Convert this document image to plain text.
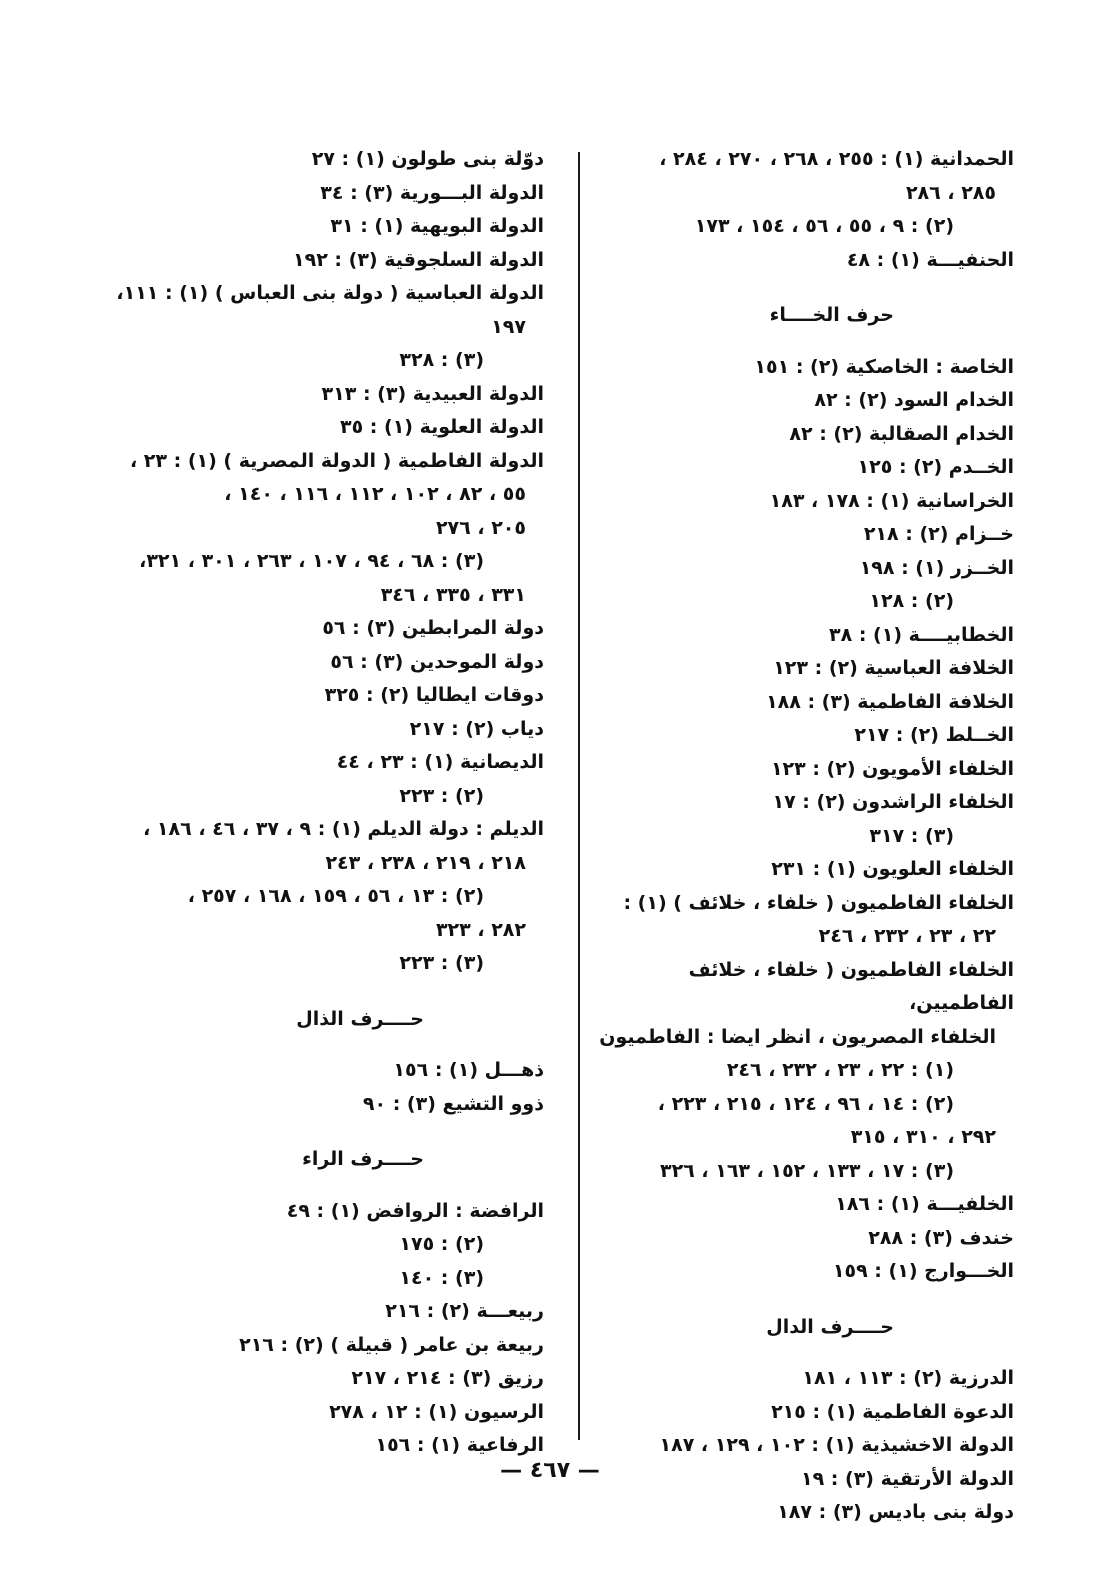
الحمدانية (١) : ٢٥٥ ، ٢٦٨ ، ٢٧٠ ، ٢٨٤ ،
٢٨٥ ، ٢٨٦
(٢) : ٩ ، ٥٥ ، ٥٦ ، ١٥٤ ، ١٧٣
الحنفيـــة (١) : ٤٨
حرف الخــــاء
الخاصة : الخاصكية (٢) : ١٥١
الخدام السود (٢) : ٨٢
الخدام الصقالبة (٢) : ٨٢
الخــدم (٢) : ١٢٥
الخراسانية (١) : ١٧٨ ، ١٨٣
خــزام (٢) : ٢١٨
الخــزر (١) : ١٩٨
(٢) : ١٢٨
الخطابيــــة (١) : ٣٨
الخلافة العباسية (٢) : ١٢٣
الخلافة الفاطمية (٣) : ١٨٨
الخــلط (٢) : ٢١٧
الخلفاء الأمويون (٢) : ١٢٣
الخلفاء الراشدون (٢) : ١٧
(٣) : ٣١٧
الخلفاء العلويون (١) : ٢٣١
الخلفاء الفاطميون ( خلفاء ، خلائف ) (١) :
٢٢ ، ٢٣ ، ٢٣٢ ، ٢٤٦
الخلفاء الفاطميون ( خلفاء ، خلائف الفاطميين،
الخلفاء المصريون ، انظر ايضا : الفاطميون
(١) : ٢٢ ، ٢٣ ، ٢٣٢ ، ٢٤٦
(٢) : ١٤ ، ٩٦ ، ١٢٤ ، ٢١٥ ، ٢٢٣ ،
٢٩٢ ، ٣١٠ ، ٣١٥
(٣) : ١٧ ، ١٣٣ ، ١٥٢ ، ١٦٣ ، ٣٢٦
الخلفيـــة (١) : ١٨٦
خندف (٣) : ٢٨٨
الخـــوارج (١) : ١٥٩
حــــرف الدال
الدرزية (٢) : ١١٣ ، ١٨١
الدعوة الفاطمية (١) : ٢١٥
الدولة الاخشيذية (١) : ١٠٢ ، ١٢٩ ، ١٨٧
الدولة الأرتقية (٣) : ١٩
دولة بنى باديس (٣) : ١٨٧
دوّلة بنى طولون (١) : ٢٧
الدولة البـــورية (٣) : ٣٤
الدولة البويهية (١) : ٣١
الدولة السلجوقية (٣) : ١٩٢
الدولة العباسية ( دولة بنى العباس ) (١) : ١١١،
١٩٧
(٣) : ٣٢٨
الدولة العبيدية (٣) : ٣١٣
الدولة العلوية (١) : ٣٥
الدولة الفاطمية ( الدولة المصرية ) (١) : ٢٣ ،
٥٥ ، ٨٢ ، ١٠٢ ، ١١٢ ، ١١٦ ، ١٤٠ ،
٢٠٥ ، ٢٧٦
(٣) : ٦٨ ، ٩٤ ، ١٠٧ ، ٢٦٣ ، ٣٠١ ، ٣٢١،
٣٣١ ، ٣٣٥ ، ٣٤٦
دولة المرابطين (٣) : ٥٦
دولة الموحدين (٣) : ٥٦
دوقات ايطاليا (٢) : ٣٢٥
دياب (٢) : ٢١٧
الديصانية (١) : ٢٣ ، ٤٤
(٢) : ٢٢٣
الديلم : دولة الديلم (١) : ٩ ، ٣٧ ، ٤٦ ، ١٨٦ ،
٢١٨ ، ٢١٩ ، ٢٣٨ ، ٢٤٣
(٢) : ١٣ ، ٥٦ ، ١٥٩ ، ١٦٨ ، ٢٥٧ ،
٢٨٢ ، ٣٢٣
(٣) : ٢٢٣
حــــرف الذال
ذهـــل (١) : ١٥٦
ذوو التشيع (٣) : ٩٠
حــــرف الراء
الرافضة : الروافض (١) : ٤٩
(٢) : ١٧٥
(٣) : ١٤٠
ربيعـــة (٢) : ٢١٦
ربيعة بن عامر ( قبيلة ) (٢) : ٢١٦
رزيق (٣) : ٢١٤ ، ٢١٧
الرسيون (١) : ١٢ ، ٢٧٨
الرفاعية (١) : ١٥٦
— ٤٦٧ —
